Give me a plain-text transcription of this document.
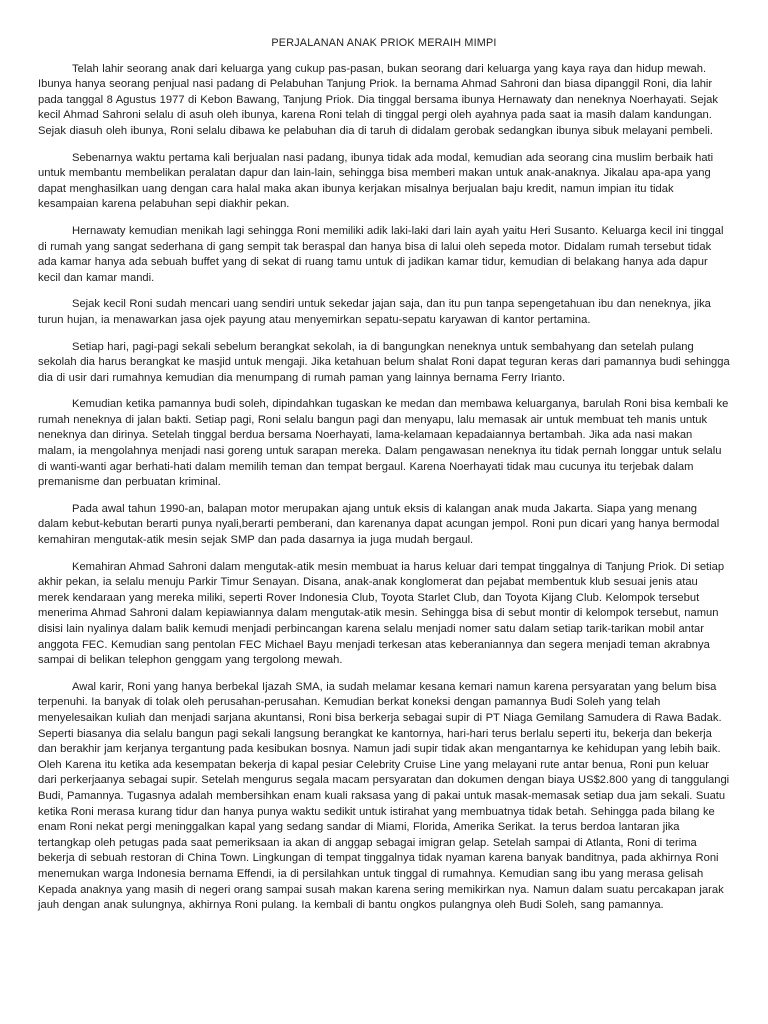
PERJALANAN ANAK PRIOK MERAIH MIMPI

Telah lahir seorang anak dari keluarga yang cukup pas-pasan, bukan seorang dari keluarga yang kaya raya dan hidup mewah. Ibunya hanya seorang penjual nasi padang di Pelabuhan Tanjung Priok. Ia bernama Ahmad Sahroni dan biasa dipanggil Roni, dia lahir pada tanggal 8 Agustus 1977 di Kebon Bawang, Tanjung Priok. Dia tinggal bersama ibunya Hernawaty dan neneknya Noerhayati. Sejak kecil Ahmad Sahroni selalu di asuh oleh ibunya, karena Roni telah di tinggal pergi oleh ayahnya pada saat ia masih dalam kandungan. Sejak diasuh oleh ibunya, Roni selalu dibawa ke pelabuhan dia di taruh di didalam gerobak sedangkan ibunya sibuk melayani pembeli.

Sebenarnya waktu pertama kali berjualan nasi padang, ibunya tidak ada modal, kemudian ada seorang cina muslim berbaik hati untuk membantu membelikan peralatan dapur dan lain-lain, sehingga bisa memberi makan untuk anak-anaknya. Jikalau apa-apa yang dapat menghasilkan uang dengan cara halal maka akan ibunya kerjakan misalnya berjualan baju kredit, namun impian itu tidak kesampaian karena pelabuhan sepi diakhir pekan.

Hernawaty kemudian menikah lagi sehingga Roni memiliki adik laki-laki dari lain ayah yaitu Heri Susanto. Keluarga kecil ini tinggal di rumah yang sangat sederhana di gang sempit tak beraspal dan hanya bisa di lalui oleh sepeda motor. Didalam rumah tersebut tidak ada kamar hanya ada sebuah buffet yang di sekat di ruang tamu untuk di jadikan kamar tidur, kemudian di belakang hanya ada dapur kecil dan kamar mandi.

Sejak kecil Roni sudah mencari uang sendiri untuk sekedar jajan saja, dan itu pun tanpa sepengetahuan ibu dan neneknya, jika turun hujan, ia menawarkan jasa ojek payung atau menyemirkan sepatu-sepatu karyawan di kantor pertamina.

Setiap hari, pagi-pagi sekali sebelum berangkat sekolah, ia di bangungkan neneknya untuk sembahyang dan setelah pulang sekolah dia harus berangkat ke masjid untuk mengaji. Jika ketahuan belum shalat Roni dapat teguran keras dari pamannya budi sehingga dia di usir dari rumahnya kemudian dia menumpang di rumah paman yang lainnya bernama Ferry Irianto.

Kemudian ketika pamannya budi soleh, dipindahkan tugaskan ke medan dan membawa keluarganya, barulah Roni bisa kembali ke rumah neneknya di jalan bakti. Setiap pagi, Roni selalu bangun pagi dan menyapu, lalu memasak air untuk membuat teh manis untuk neneknya dan dirinya. Setelah tinggal berdua bersama Noerhayati, lama-kelamaan kepadaiannya bertambah. Jika ada nasi makan malam, ia mengolahnya menjadi nasi goreng untuk sarapan mereka. Dalam pengawasan neneknya itu tidak pernah longgar untuk selalu di wanti-wanti agar berhati-hati dalam memilih teman dan tempat bergaul. Karena Noerhayati tidak mau cucunya itu terjebak dalam premanisme dan perbuatan kriminal.

Pada awal tahun 1990-an, balapan motor merupakan ajang untuk eksis di kalangan anak muda Jakarta. Siapa yang menang dalam kebut-kebutan berarti punya nyali,berarti pemberani, dan karenanya dapat acungan jempol. Roni pun dicari yang hanya bermodal kemahiran mengutak-atik mesin sejak SMP dan pada dasarnya ia juga mudah bergaul.

Kemahiran Ahmad Sahroni dalam mengutak-atik mesin membuat ia harus keluar dari tempat tinggalnya di Tanjung Priok. Di setiap akhir pekan, ia selalu menuju Parkir Timur Senayan. Disana, anak-anak konglomerat dan pejabat membentuk klub sesuai jenis atau merek kendaraan yang mereka miliki, seperti Rover Indonesia Club, Toyota Starlet Club, dan Toyota Kijang Club. Kelompok tersebut menerima Ahmad Sahroni dalam kepiawiannya dalam mengutak-atik mesin. Sehingga bisa di sebut montir di kelompok tersebut, namun disisi lain nyalinya dalam balik kemudi menjadi perbincangan karena selalu menjadi nomer satu dalam setiap tarik-tarikan mobil antar anggota FEC. Kemudian sang pentolan FEC Michael Bayu menjadi terkesan atas keberaniannya dan segera menjadi teman akrabnya sampai di belikan telephon genggam yang tergolong mewah.

Awal karir, Roni yang hanya berbekal Ijazah SMA, ia sudah melamar kesana kemari namun karena persyaratan yang belum bisa terpenuhi. Ia banyak di tolak oleh perusahan-perusahan. Kemudian berkat koneksi dengan pamannya Budi Soleh yang telah menyelesaikan kuliah dan menjadi sarjana akuntansi, Roni bisa berkerja sebagai supir di PT Niaga Gemilang Samudera di Rawa Badak. Seperti biasanya dia selalu bangun pagi sekali langsung berangkat ke kantornya, hari-hari terus berlalu seperti itu, bekerja dan bekerja dan berakhir jam kerjanya tergantung pada kesibukan bosnya. Namun jadi supir tidak akan mengantarnya ke kehidupan yang lebih baik. Oleh Karena itu ketika ada kesempatan bekerja di kapal pesiar Celebrity Cruise Line yang melayani rute antar benua, Roni pun keluar dari perkerjaanya sebagai supir. Setelah mengurus segala macam persyaratan dan dokumen dengan biaya US$2.800 yang di tanggulangi Budi, Pamannya. Tugasnya adalah membersihkan enam kuali raksasa yang di pakai untuk masak-memasak setiap dua jam sekali. Suatu ketika Roni merasa kurang tidur dan hanya punya waktu sedikit untuk istirahat yang membuatnya tidak betah. Sehingga pada bilang ke enam Roni nekat pergi meninggalkan kapal yang sedang sandar di Miami, Florida, Amerika Serikat. Ia terus berdoa lantaran jika tertangkap oleh petugas pada saat pemeriksaan ia akan di anggap sebagai imigran gelap. Setelah sampai di Atlanta, Roni di terima bekerja di sebuah restoran di China Town. Lingkungan di tempat tinggalnya tidak nyaman karena banyak banditnya, pada akhirnya Roni menemukan warga Indonesia bernama Effendi, ia di persilahkan untuk tinggal di rumahnya. Kemudian sang ibu yang merasa gelisah Kepada anaknya yang masih di negeri orang sampai susah makan karena sering memikirkan nya. Namun dalam suatu percakapan jarak jauh dengan anak sulungnya, akhirnya Roni pulang. Ia kembali di bantu ongkos pulangnya oleh Budi Soleh, sang pamannya.
